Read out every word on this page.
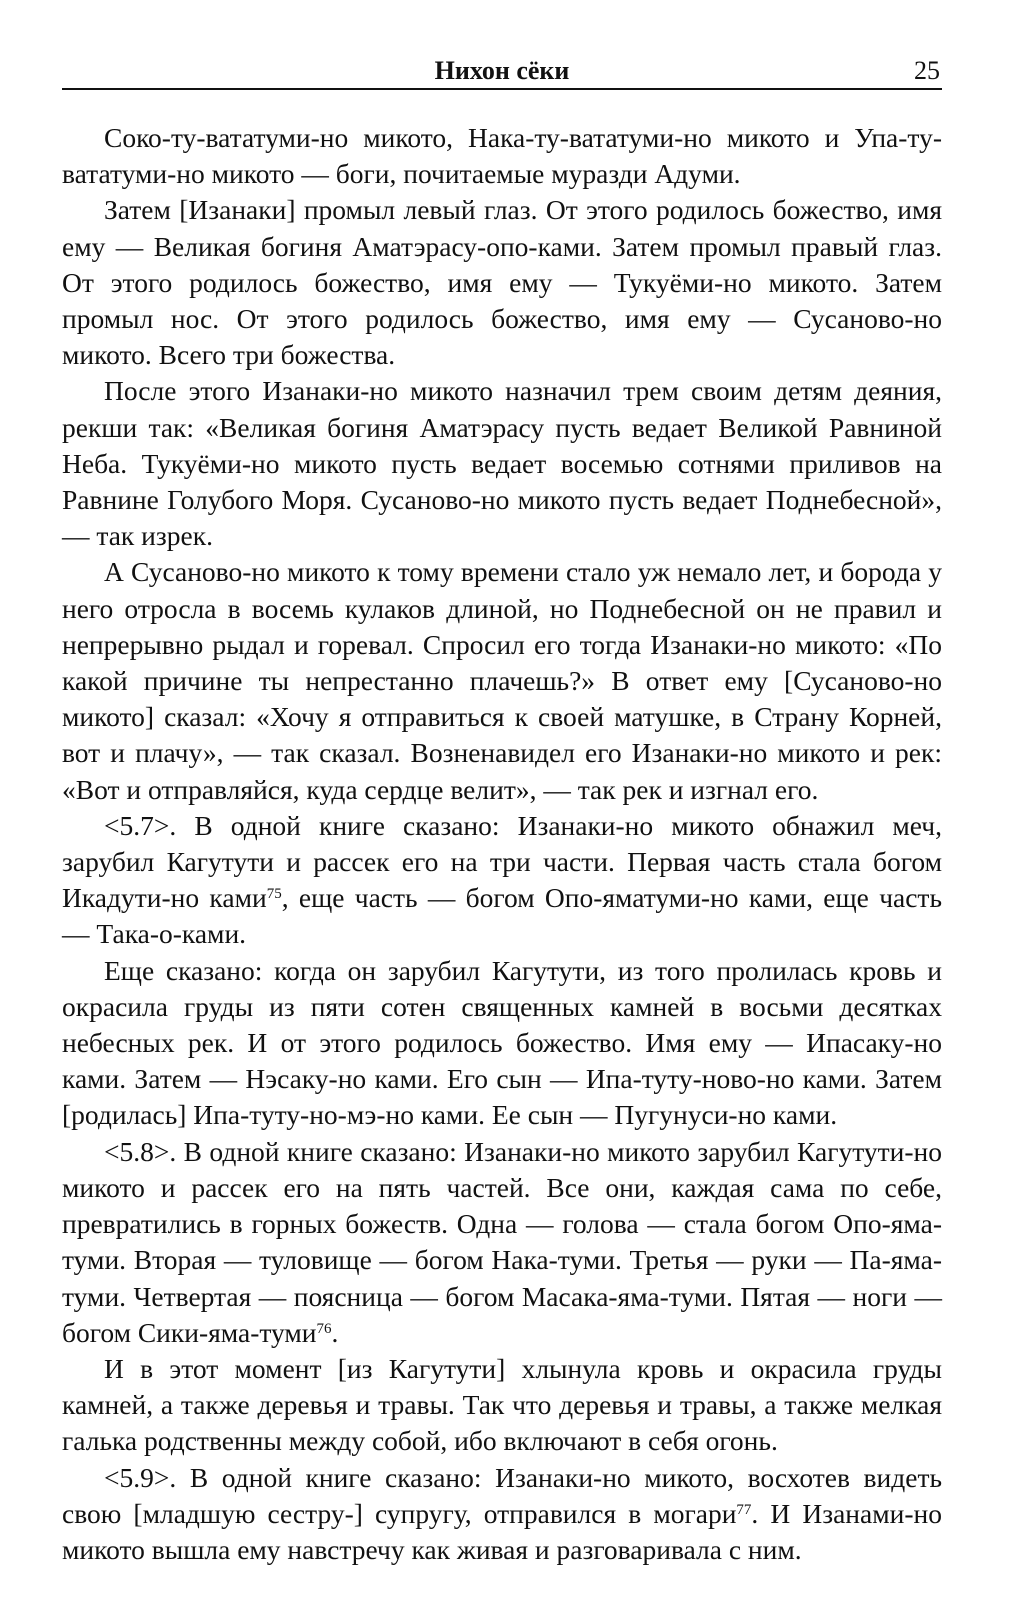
Нихон сёки	25

Соко-ту-вататуми-но микото, Нака-ту-вататуми-но микото и Упа-ту-вататуми-но микото — боги, почитаемые муразди Адуми.

Затем [Изанаки] промыл левый глаз. От этого родилось божество, имя ему — Великая богиня Аматэрасу-опо-ками. Затем промыл правый глаз. От этого родилось божество, имя ему — Тукуёми-но микото. Затем промыл нос. От этого родилось божество, имя ему — Сусаново-но микото. Всего три божества.

После этого Изанаки-но микото назначил трем своим детям деяния, рекши так: «Великая богиня Аматэрасу пусть ведает Великой Равниной Неба. Тукуёми-но микото пусть ведает восемью сотнями приливов на Равнине Голубого Моря. Сусаново-но микото пусть ведает Поднебесной», — так изрек.

А Сусаново-но микото к тому времени стало уж немало лет, и борода у него отросла в восемь кулаков длиной, но Поднебесной он не правил и непрерывно рыдал и горевал. Спросил его тогда Изанаки-но микото: «По какой причине ты непрестанно плачешь?» В ответ ему [Сусаново-но микото] сказал: «Хочу я отправиться к своей матушке, в Страну Корней, вот и плачу», — так сказал. Возненавидел его Изанаки-но микото и рек: «Вот и отправляйся, куда сердце велит», — так рек и изгнал его.

<5.7>. В одной книге сказано: Изанаки-но микото обнажил меч, зарубил Кагутути и рассек его на три части. Первая часть стала богом Икадути-но ками$^{75}$, еще часть — богом Опо-яматуми-но ками, еще часть — Така-о-ками.

Еще сказано: когда он зарубил Кагутути, из того пролилась кровь и окрасила груды из пяти сотен священных камней в восьми десятках небесных рек. И от этого родилось божество. Имя ему — Ипасаку-но ками. Затем — Нэсаку-но ками. Его сын — Ипа-туту-ново-но ками. Затем [родилась] Ипа-туту-но-мэ-но ками. Ее сын — Пугунуси-но ками.

<5.8>. В одной книге сказано: Изанаки-но микото зарубил Кагутути-но микото и рассек его на пять частей. Все они, каждая сама по себе, превратились в горных божеств. Одна — голова — стала богом Опо-яма-туми. Вторая — туловище — богом Нака-туми. Третья — руки — Па-яма-туми. Четвертая — поясница — богом Масака-яма-туми. Пятая — ноги — богом Сики-яма-туми$^{76}$.

И в этот момент [из Кагутути] хлынула кровь и окрасила груды камней, а также деревья и травы. Так что деревья и травы, а также мелкая галька родственны между собой, ибо включают в себя огонь.

<5.9>. В одной книге сказано: Изанаки-но микото, восхотев видеть свою [младшую сестру-] супругу, отправился в могари$^{77}$. И Изанами-но микото вышла ему навстречу как живая и разговаривала с ним.
